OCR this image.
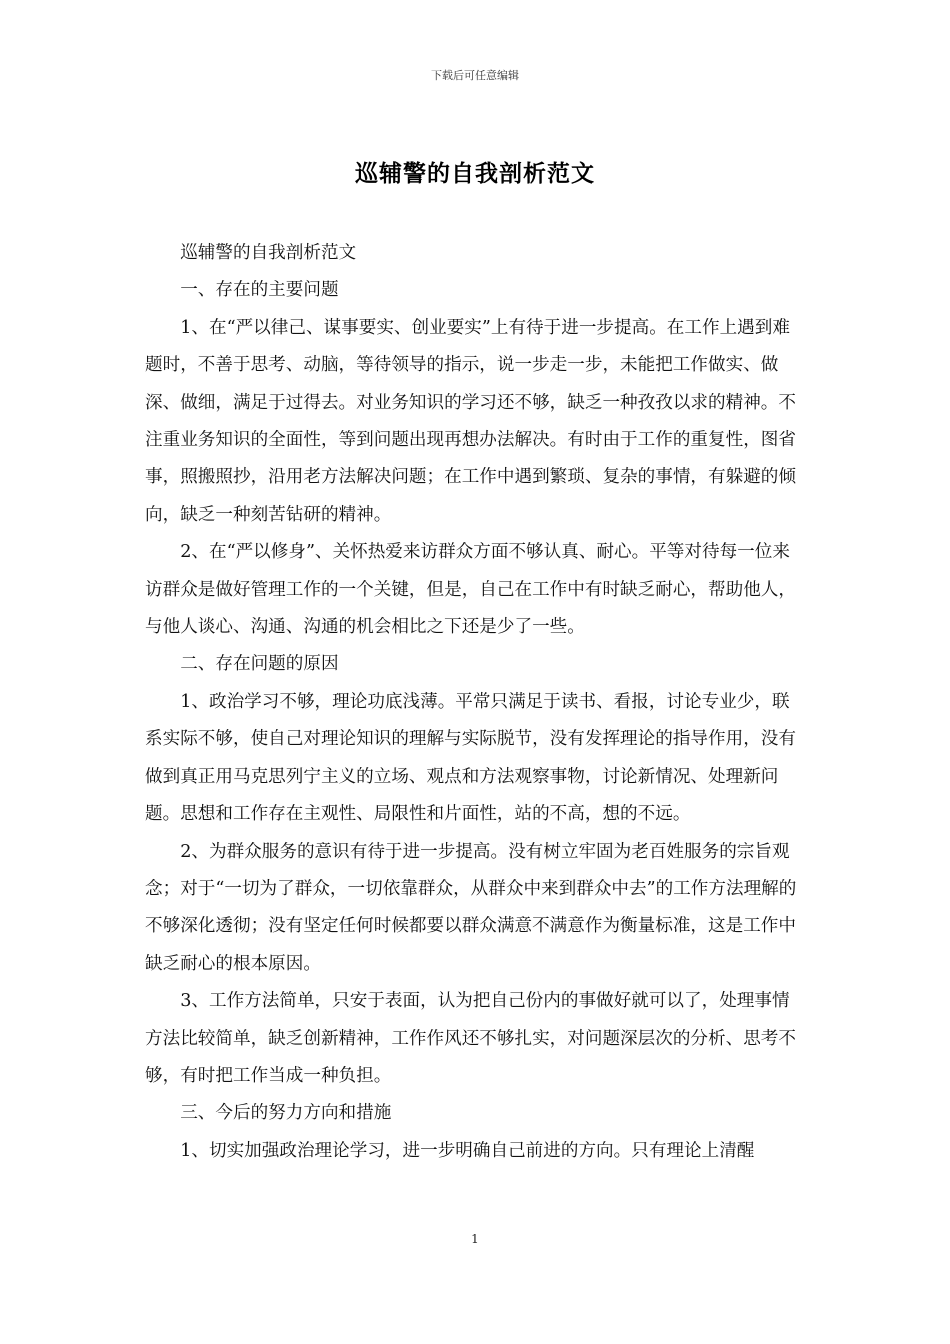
下载后可任意编辑
巡辅警的自我剖析范文

巡辅警的自我剖析范文

一、存在的主要问题

1、在“严以律己、谋事要实、创业要实”上有待于进一步提高。在工作上遇到难题时，不善于思考、动脑，等待领导的指示，说一步走一步，未能把工作做实、做深、做细，满足于过得去。对业务知识的学习还不够，缺乏一种孜孜以求的精神。不注重业务知识的全面性，等到问题出现再想办法解决。有时由于工作的重复性，图省事，照搬照抄，沿用老方法解决问题；在工作中遇到繁琐、复杂的事情，有躲避的倾向，缺乏一种刻苦钻研的精神。

2、在“严以修身”、关怀热爱来访群众方面不够认真、耐心。平等对待每一位来访群众是做好管理工作的一个关键，但是，自己在工作中有时缺乏耐心，帮助他人，与他人谈心、沟通、沟通的机会相比之下还是少了一些。

二、存在问题的原因

1、政治学习不够，理论功底浅薄。平常只满足于读书、看报，讨论专业少，联系实际不够，使自己对理论知识的理解与实际脱节，没有发挥理论的指导作用，没有做到真正用马克思列宁主义的立场、观点和方法观察事物，讨论新情况、处理新问题。思想和工作存在主观性、局限性和片面性，站的不高，想的不远。

2、为群众服务的意识有待于进一步提高。没有树立牢固为老百姓服务的宗旨观念；对于“一切为了群众，一切依靠群众，从群众中来到群众中去”的工作方法理解的不够深化透彻；没有坚定任何时候都要以群众满意不满意作为衡量标准，这是工作中缺乏耐心的根本原因。

3、工作方法简单，只安于表面，认为把自己份内的事做好就可以了，处理事情方法比较简单，缺乏创新精神，工作作风还不够扎实，对问题深层次的分析、思考不够，有时把工作当成一种负担。

三、今后的努力方向和措施

1、切实加强政治理论学习，进一步明确自己前进的方向。只有理论上清醒

1
